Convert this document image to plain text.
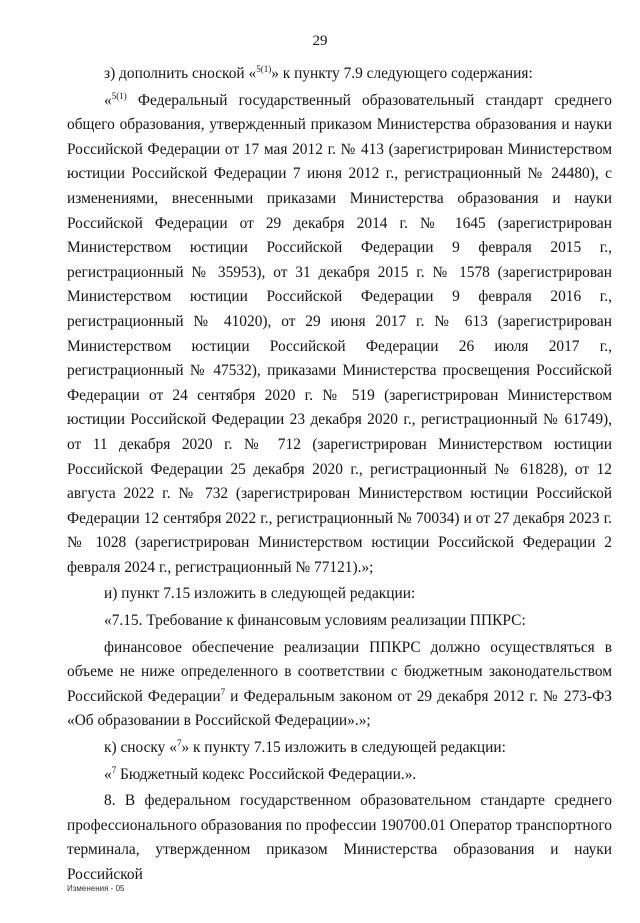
29

з) дополнить сноской «$^{5(1)}$» к пункту 7.9 следующего содержания:

«$^{5(1)}$ Федеральный государственный образовательный стандарт среднего общего образования, утвержденный приказом Министерства образования и науки Российской Федерации от 17 мая 2012 г. № 413 (зарегистрирован Министерством юстиции Российской Федерации 7 июня 2012 г., регистрационный № 24480), с изменениями, внесенными приказами Министерства образования и науки Российской Федерации от 29 декабря 2014 г. № 1645 (зарегистрирован Министерством юстиции Российской Федерации 9 февраля 2015 г., регистрационный № 35953), от 31 декабря 2015 г. № 1578 (зарегистрирован Министерством юстиции Российской Федерации 9 февраля 2016 г., регистрационный № 41020), от 29 июня 2017 г. № 613 (зарегистрирован Министерством юстиции Российской Федерации 26 июля 2017 г., регистрационный № 47532), приказами Министерства просвещения Российской Федерации от 24 сентября 2020 г. № 519 (зарегистрирован Министерством юстиции Российской Федерации 23 декабря 2020 г., регистрационный № 61749), от 11 декабря 2020 г. № 712 (зарегистрирован Министерством юстиции Российской Федерации 25 декабря 2020 г., регистрационный № 61828), от 12 августа 2022 г. № 732 (зарегистрирован Министерством юстиции Российской Федерации 12 сентября 2022 г., регистрационный № 70034) и от 27 декабря 2023 г. № 1028 (зарегистрирован Министерством юстиции Российской Федерации 2 февраля 2024 г., регистрационный № 77121).»;

и) пункт 7.15 изложить в следующей редакции:

«7.15. Требование к финансовым условиям реализации ППКРС:

финансовое обеспечение реализации ППКРС должно осуществляться в объеме не ниже определенного в соответствии с бюджетным законодательством Российской Федерации$^7$ и Федеральным законом от 29 декабря 2012 г. № 273-ФЗ «Об образовании в Российской Федерации».»;

к) сноску «$^7$» к пункту 7.15 изложить в следующей редакции:

«$^7$ Бюджетный кодекс Российской Федерации.».

8. В федеральном государственном образовательном стандарте среднего профессионального образования по профессии 190700.01 Оператор транспортного терминала, утвержденном приказом Министерства образования и науки Российской

Изменения - 05
